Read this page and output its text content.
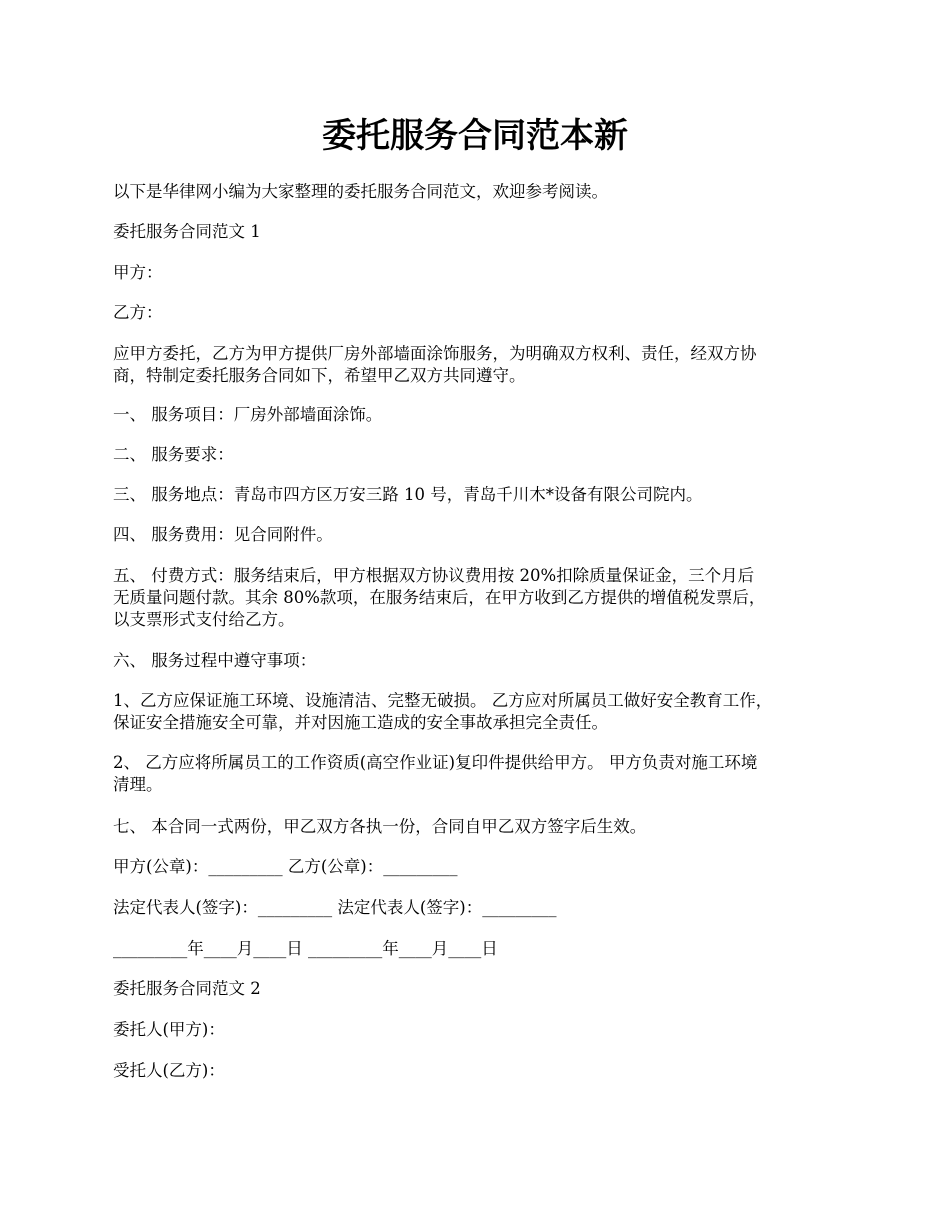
委托服务合同范本新

以下是华律网小编为大家整理的委托服务合同范文，欢迎参考阅读。

委托服务合同范文 1

甲方：

乙方：

应甲方委托，乙方为甲方提供厂房外部墙面涂饰服务，为明确双方权利、责任，经双方协
商，特制定委托服务合同如下，希望甲乙双方共同遵守。

一、 服务项目：厂房外部墙面涂饰。

二、 服务要求：

三、 服务地点：青岛市四方区万安三路 10 号，青岛千川木*设备有限公司院内。

四、 服务费用：见合同附件。

五、 付费方式：服务结束后，甲方根据双方协议费用按 20%扣除质量保证金，三个月后
无质量问题付款。其余 80%款项，在服务结束后，在甲方收到乙方提供的增值税发票后，
以支票形式支付给乙方。

六、 服务过程中遵守事项：

1、乙方应保证施工环境、设施清洁、完整无破损。 乙方应对所属员工做好安全教育工作，
保证安全措施安全可靠，并对因施工造成的安全事故承担完全责任。

2、 乙方应将所属员工的工作资质(高空作业证)复印件提供给甲方。 甲方负责对施工环境
清理。

七、 本合同一式两份，甲乙双方各执一份，合同自甲乙双方签字后生效。

甲方(公章)：_________ 乙方(公章)：_________

法定代表人(签字)：_________ 法定代表人(签字)：_________

_________年____月____日 _________年____月____日

委托服务合同范文 2

委托人(甲方)：

受托人(乙方)：
